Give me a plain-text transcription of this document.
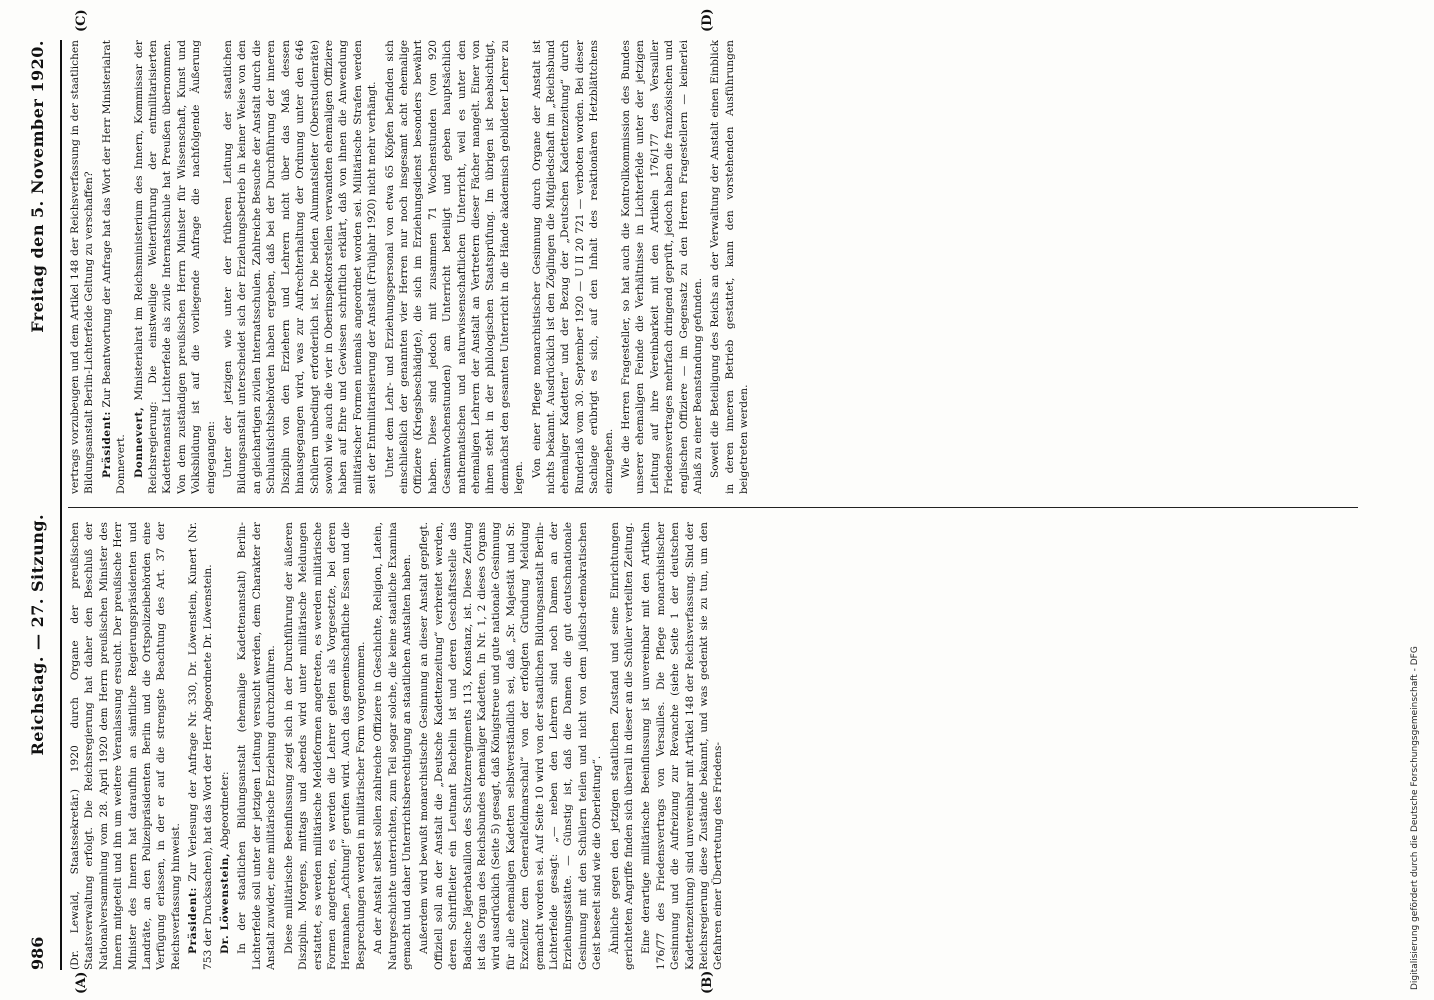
986
Reichstag. — 27. Sitzung.
Freitag den 5. November 1920.
(A)	(B)
(C)	(D)

(Dr. Lewald, Staatssekretär.) 1920 durch Organe der preußischen Staatsverwaltung erfolgt. Die Reichsregierung hat daher den Beschluß der Nationalversammlung vom 28. April 1920 dem Herrn preußischen Minister des Innern mitgeteilt und ihn um weitere Veranlassung ersucht. Der preußische Herr Minister des Innern hat daraufhin an sämtliche Regierungspräsidenten und Landräte, an den Polizeipräsidenten Berlin und die Ortspolizeibehörden eine Verfügung erlassen, in der er auf die strengste Beachtung des Art. 37 der Reichsverfassung hinweist. Präsident: Zur Verlesung der Anfrage Nr. 330, Dr. Löwenstein, Kunert (Nr. 753 der Drucksachen), hat das Wort der Herr Abgeordnete Dr. Löwenstein. Dr. Löwenstein, Abgeordneter: In der staatlichen Bildungsanstalt (ehemalige Kadettenanstalt) Berlin-Lichterfelde soll unter der jetzigen Leitung versucht werden, dem Charakter der Anstalt zuwider, eine militärische Erziehung durchzuführen. Diese militärische Beeinflussung zeigt sich in der Durchführung der äußeren Disziplin. Morgens, mittags und abends wird unter militärische Meldungen erstattet, es werden militärische Meldeformen angetreten, es werden militärische Formen angetreten, es werden die Lehrer gelten als Vorgesetzte, bei deren Herannahen „Achtung!“ gerufen wird. Auch das gemeinschaftliche Essen und die Besprechungen werden in militärischer Form vorgenommen. An der Anstalt selbst sollen zahlreiche Offiziere in Geschichte, Religion, Latein, Naturgeschichte unterrichten, zum Teil sogar solche, die keine staatliche Examina gemacht und daher Unterrichtsberechtigung an staatlichen Anstalten haben. Außerdem wird bewußt monarchistische Gesinnung an dieser Anstalt gepflegt. Offiziell soll an der Anstalt die „Deutsche Kadettenzeitung“ verbreitet werden, deren Schriftleiter ein Leutnant Bachelin ist und deren Geschäftsstelle das Badische Jägerbataillon des Schützenregiments 113, Konstanz, ist. Diese Zeitung ist das Organ des Reichsbundes ehemaliger Kadetten. In Nr. 1, 2 dieses Organs wird ausdrücklich (Seite 5) gesagt, daß Königstreue und gute nationale Gesinnung für alle ehemaligen Kadetten selbstverständlich sei, daß „Sr. Majestät und Sr. Exzellenz dem Generalfeldmarschall“ von der erfolgten Gründung Meldung gemacht worden sei. Auf Seite 10 wird von der staatlichen Bildungsanstalt Berlin-Lichterfelde gesagt: „— neben den Lehrern sind noch Damen an der Erziehungsstätte. — Günstig ist, daß die Damen die gut deutschnationale Gesinnung mit den Schülern teilen und nicht von dem jüdisch-demokratischen Geist beseelt sind wie die Oberleitung“. Ähnliche gegen den jetzigen staatlichen Zustand und seine Einrichtungen gerichteten Angriffe finden sich überall in dieser an die Schüler verteilten Zeitung. Eine derartige militärische Beeinflussung ist unvereinbar mit den Artikeln 176/77 des Friedensvertrags von Versailles. Die Pflege monarchistischer Gesinnung und die Aufreizung zur Revanche (siehe Seite 1 der deutschen Kadettenzeitung) sind unvereinbar mit Artikel 148 der Reichsverfassung. Sind der Reichsregierung diese Zustände bekannt, und was gedenkt sie zu tun, um den Gefahren einer Übertretung des Friedens-

vertrags vorzubeugen und dem Artikel 148 der Reichsverfassung in der staatlichen Bildungsanstalt Berlin-Lichterfelde Geltung zu verschaffen? Präsident: Zur Beantwortung der Anfrage hat das Wort der Herr Ministerialrat Donnevert. Donnevert, Ministerialrat im Reichsministerium des Innern, Kommissar der Reichsregierung: Die einstweilige Weiterführung der entmilitarisierten Kadettenanstalt Lichterfelde als zivile Internatsschule hat Preußen übernommen. Von dem zuständigen preußischen Herrn Minister für Wissenschaft, Kunst und Volksbildung ist auf die vorliegende Anfrage die nachfolgende Äußerung eingegangen: Unter der jetzigen wie unter der früheren Leitung der staatlichen Bildungsanstalt unterscheidet sich der Erziehungsbetrieb in keiner Weise von den an gleichartigen zivilen Internatsschulen. Zahlreiche Besuche der Anstalt durch die Schulaufsichtsbehörden haben ergeben, daß bei der Durchführung der inneren Disziplin von den Erziehern und Lehrern nicht über das Maß dessen hinausgegangen wird, was zur Aufrechterhaltung der Ordnung unter den 646 Schülern unbedingt erforderlich ist. Die beiden Alumnatsleiter (Oberstudienräte) sowohl wie auch die vier in Oberinspektorstellen verwandten ehemaligen Offiziere haben auf Ehre und Gewissen schriftlich erklärt, daß von ihnen die Anwendung militärischer Formen niemals angeordnet worden sei. Militärische Strafen werden seit der Entmilitarisierung der Anstalt (Frühjahr 1920) nicht mehr verhängt. Unter dem Lehr- und Erziehungspersonal von etwa 65 Köpfen befinden sich einschließlich der genannten vier Herren nur noch insgesamt acht ehemalige Offiziere (Kriegsbeschädigte), die sich im Erziehungsdienst besonders bewährt haben. Diese sind jedoch mit zusammen 71 Wochenstunden (von 920 Gesamtwochenstunden) am Unterricht beteiligt und geben hauptsächlich mathematischen und naturwissenschaftlichen Unterricht, weil es unter den ehemaligen Lehrern der Anstalt an Vertretern dieser Fächer mangelt. Einer von ihnen steht in der philologischen Staatsprüfung. Im übrigen ist beabsichtigt, demnächst den gesamten Unterricht in die Hände akademisch gebildeter Lehrer zu legen. Von einer Pflege monarchistischer Gesinnung durch Organe der Anstalt ist nichts bekannt. Ausdrücklich ist den Zöglingen die Mitgliedschaft im „Reichsbund ehemaliger Kadetten“ und der Bezug der „Deutschen Kadettenzeitung“ durch Runderlaß vom 30. September 1920 — U II 20 721 — verboten worden. Bei dieser Sachlage erübrigt es sich, auf den Inhalt des reaktionären Hetzblättchens einzugehen. Wie die Herren Fragesteller, so hat auch die Kontrollkommission des Bundes unserer ehemaligen Feinde die Verhältnisse in Lichterfelde unter der jetzigen Leitung auf ihre Vereinbarkeit mit den Artikeln 176/177 des Versailler Friedensvertrages mehrfach dringend geprüft, jedoch haben die französischen und englischen Offiziere — im Gegensatz zu den Herren Fragestellern — keinerlei Anlaß zu einer Beanstandung gefunden. Soweit die Beteiligung des Reichs an der Verwaltung der Anstalt einen Einblick in deren inneren Betrieb gestattet, kann den vorstehenden Ausführungen beigetreten werden.

Digitalisierung gefördert durch die Deutsche Forschungsgemeinschaft - DFG
